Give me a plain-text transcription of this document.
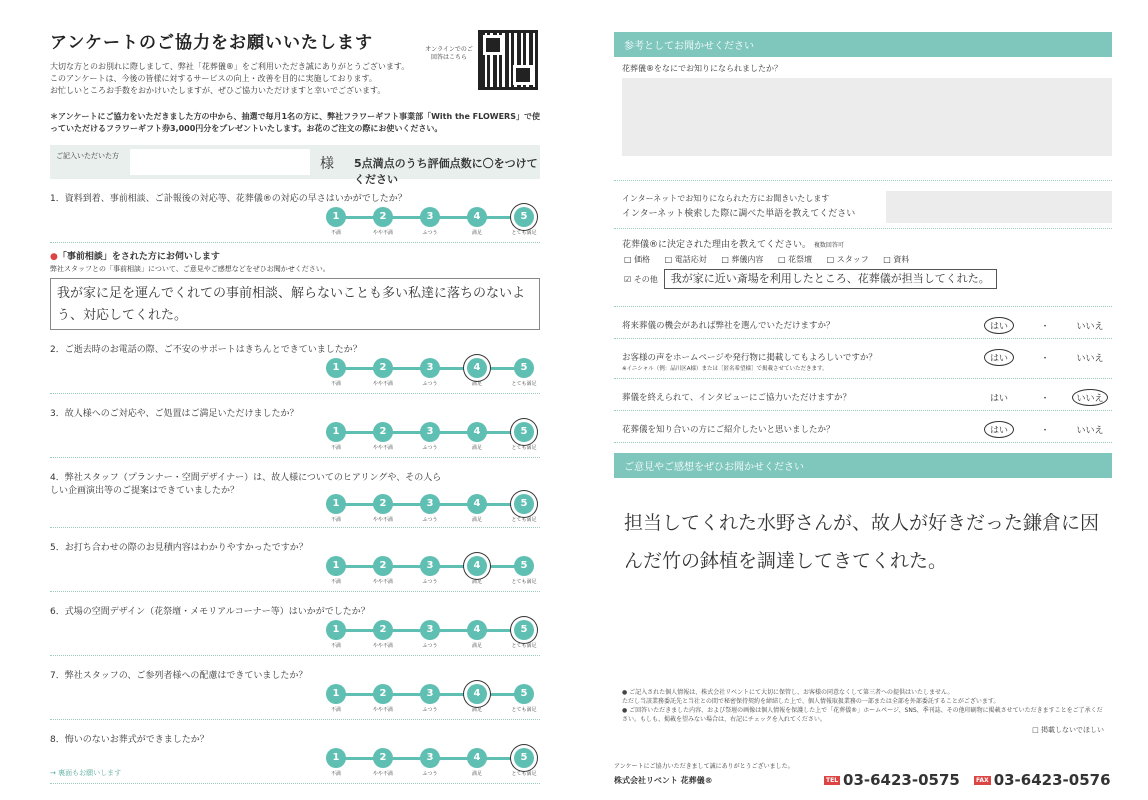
アンケートのご協力をお願いいたします

大切な方とのお別れに際しまして、弊社「花葬儀®」をご利用いただき誠にありがとうございます。

このアンケートは、今後の皆様に対するサービスの向上・改善を目的に実施しております。

お忙しいところお手数をおかけいたしますが、ぜひご協力いただけますと幸いでございます。

オンラインでのご回答はこちら
＊アンケートにご協力をいただきました方の中から、抽選で毎月1名の方に、弊社フラワーギフト事業部「With the FLOWERS」で使っていただけるフラワーギフト券3,000円分をプレゼントいたします。お花のご注文の際にお使いください。
ご記入いただいた方	様 5点満点のうち評価点数に〇をつけてください
1．資料到着、事前相談、ご訃報後の対応等、花葬儀®の対応の早さはいかがでしたか？
1
不満
2
やや不満
3
ふつう
4
満足
5
とても満足
●「事前相談」をされた方にお伺いします
弊社スタッフとの「事前相談」について、ご意見やご感想などをぜひお聞かせください。
我が家に足を運んでくれての事前相談、解らないことも多い私達に落ちのないよう、対応してくれた。
2．ご逝去時のお電話の際、ご不安のサポートはきちんとできていましたか？
1
不満
2
やや不満
3
ふつう
4
満足
5
とても満足
3．故人様へのご対応や、ご処置はご満足いただけましたか？
1
不満
2
やや不満
3
ふつう
4
満足
5
とても満足
4．弊社スタッフ（プランナー・空間デザイナー）は、故人様についてのヒアリングや、その人らしい企画演出等のご提案はできていましたか？
1
不満
2
やや不満
3
ふつう
4
満足
5
とても満足
5．お打ち合わせの際のお見積内容はわかりやすかったですか？
1
不満
2
やや不満
3
ふつう
4
満足
5
とても満足
6．式場の空間デザイン（花祭壇・メモリアルコーナー等）はいかがでしたか？
1
不満
2
やや不満
3
ふつう
4
満足
5
とても満足
7．弊社スタッフの、ご参列者様への配慮はできていましたか？
1
不満
2
やや不満
3
ふつう
4
満足
5
とても満足
8．悔いのないお葬式ができましたか？
1
不満
2
やや不満
3
ふつう
4
満足
5
とても満足
→ 裏面もお願いします
参考としてお聞かせください
花葬儀®をなにでお知りになられましたか？
インターネットでお知りになられた方にお聞きいたします
インターネット検索した際に調べた単語を教えてください
花葬儀®に決定された理由を教えてください。 複数回答可
□ 価格 □ 電話応対 □ 葬儀内容 □ 花祭壇 □ スタッフ □ 資料
☑ その他 我が家に近い斎場を利用したところ、花葬儀が担当してくれた。
将来葬儀の機会があれば弊社を選んでいただけますか？	はい	・	いいえ
お客様の声をホームページや発行物に掲載してもよろしいですか？
※イニシャル（例：品川区A様）または［匿名希望様］で掲載させていただきます。
はい	・	いいえ
葬儀を終えられて、インタビューにご協力いただけますか？	はい	・	いいえ
花葬儀を知り合いの方にご紹介したいと思いましたか？	はい	・	いいえ
ご意見やご感想をぜひお聞かせください
担当してくれた水野さんが、故人が好きだった鎌倉に因んだ竹の鉢植を調達してきてくれた。
● ご記入された個人情報は、株式会社リベントにて大切に保管し、お客様の同意なくして第三者への提供はいたしません。
ただし当該業務委託先と当社との間で秘密保持契約を締結した上で、個人情報取扱業務の一部または全部を外部委託することがございます。
● ご回答いただきました内容、および祭壇の画像は個人情報を保護した上で「花葬儀®」ホームページ、SNS、季刊誌、その他印刷物に掲載させていただきますことをご了承ください。もしも、掲載を望みない場合は、右記にチェックを入れてください。
□ 掲載しないでほしい
アンケートにご協力いただきまして誠にありがとうございました。
株式会社リベント 花葬儀®	TEL 03-6423-0575	FAX 03-6423-0576
